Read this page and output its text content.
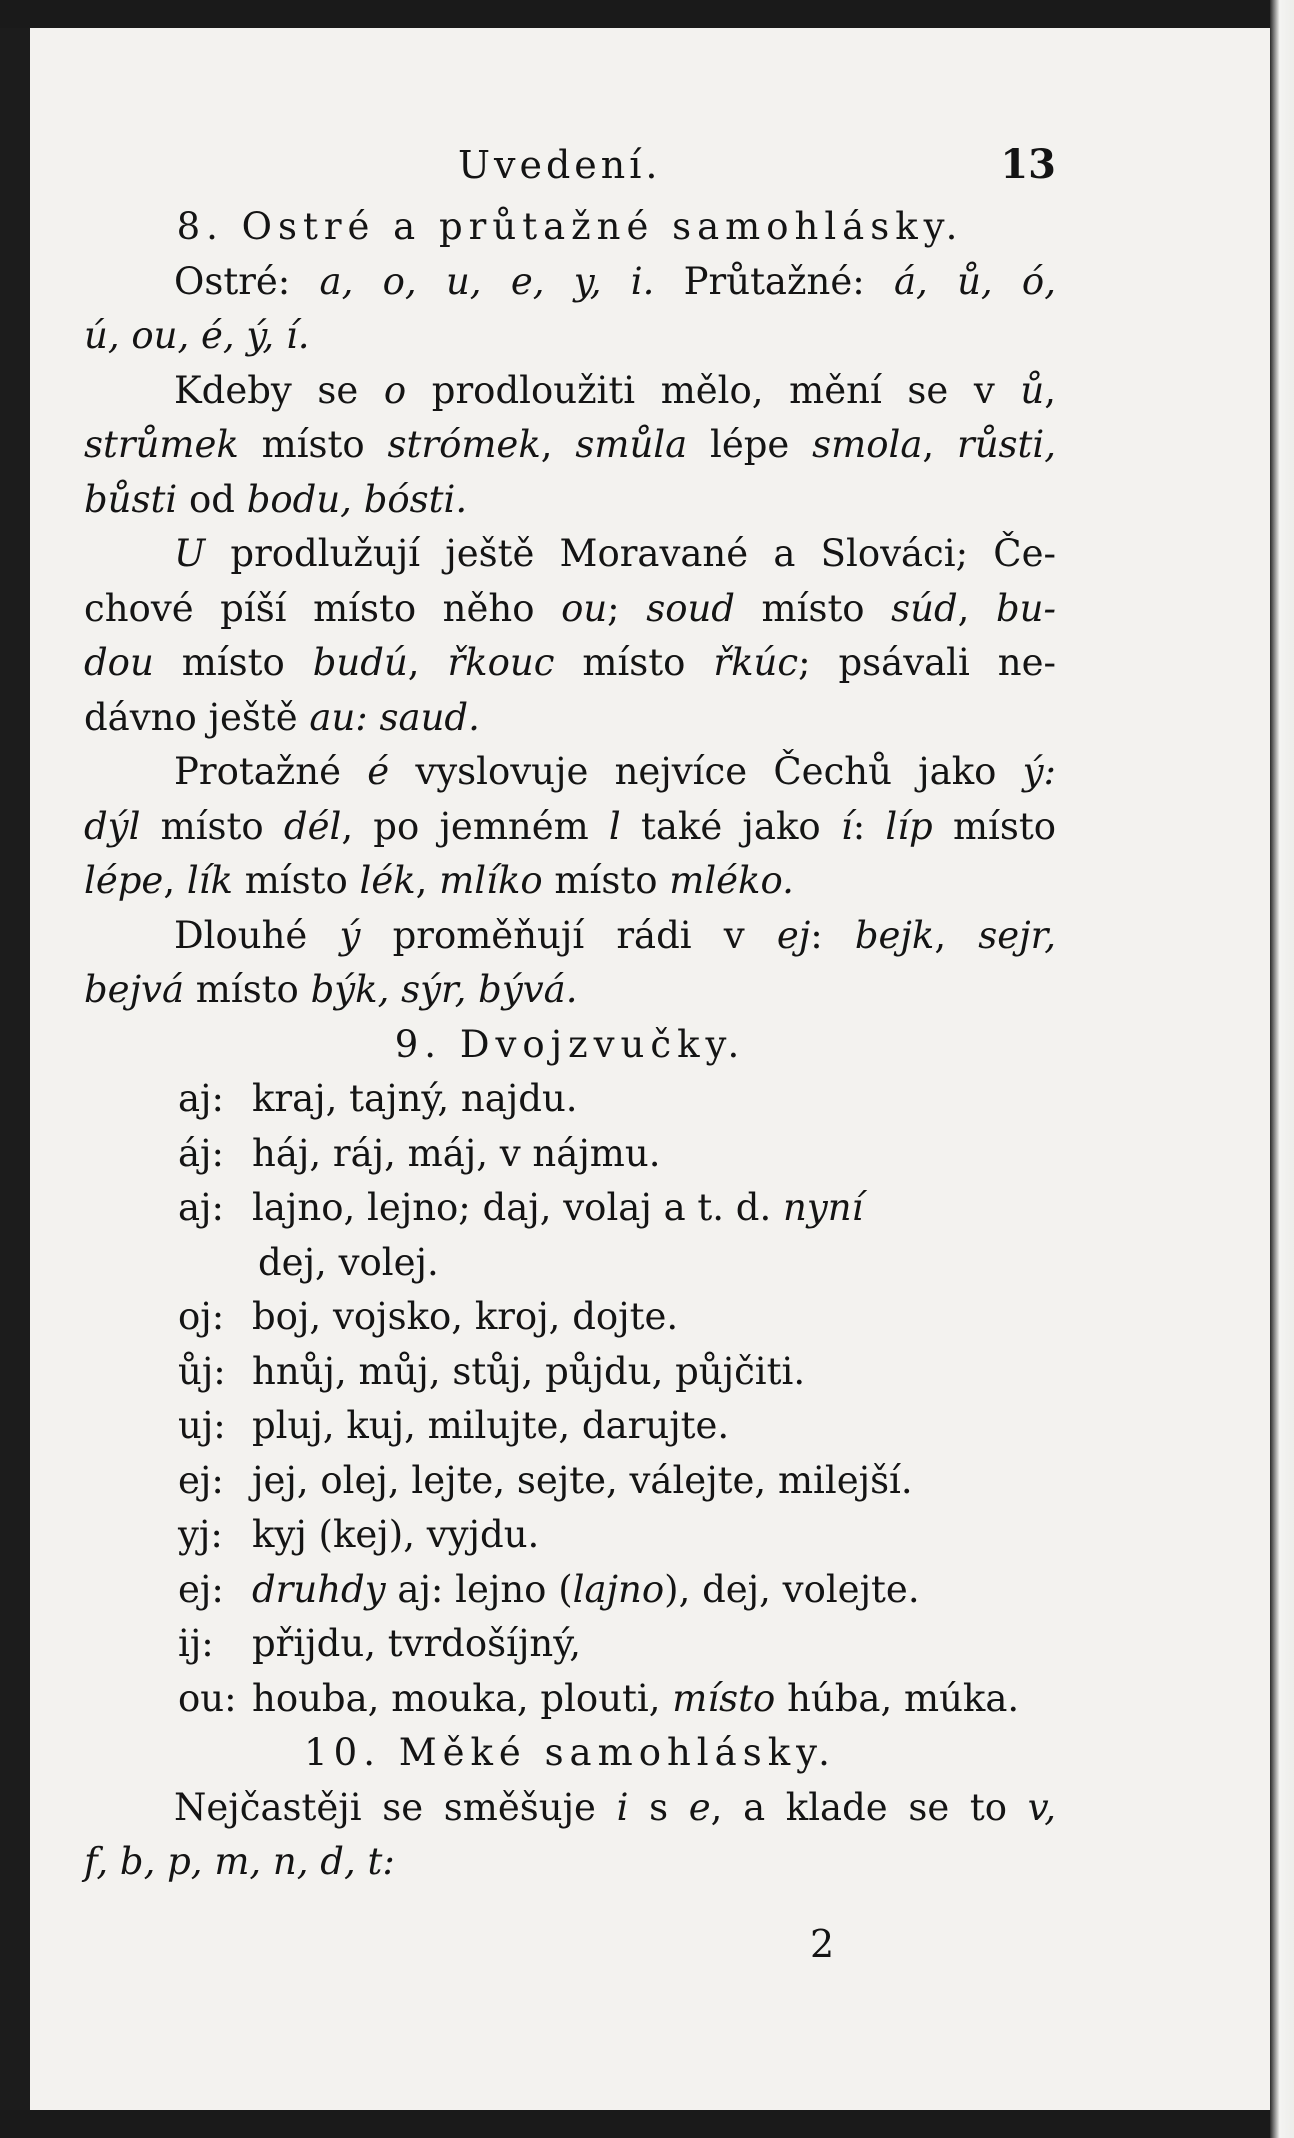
Uvedení.	13
8. Ostré a průtažné samohlásky.
Ostré: a, o, u, e, y, i. Průtažné: á, ů, ó,
ú, ou, é, ý, í.
Kdeby se o prodloužiti mělo, mění se v ů,
strůmek místo strómek, smůla lépe smola, růsti,
bůsti od bodu, bósti.
U prodlužují ještě Moravané a Slováci; Če-
chové píší místo něho ou; soud místo súd, bu-
dou místo budú, řkouc místo řkúc; psávali ne-
dávno ještě au: saud.
Protažné é vyslovuje nejvíce Čechů jako ý:
dýl místo dél, po jemném l také jako í: líp místo
lépe, lík místo lék, mlíko místo mléko.
Dlouhé ý proměňují rádi v ej: bejk, sejr,
bejvá místo býk, sýr, bývá.
9. Dvojzvučky.
aj: kraj, tajný, najdu.
áj: háj, ráj, máj, v nájmu.
aj: lajno, lejno; daj, volaj a t. d. nyní
dej, volej.
oj: boj, vojsko, kroj, dojte.
ůj: hnůj, můj, stůj, půjdu, půjčiti.
uj: pluj, kuj, milujte, darujte.
ej: jej, olej, lejte, sejte, válejte, milejší.
yj: kyj (kej), vyjdu.
ej: druhdy aj: lejno (lajno), dej, volejte.
ij: přijdu, tvrdošíjný,
ou: houba, mouka, plouti, místo húba, múka.
10. Měké samohlásky.
Nejčastěji se směšuje i s e, a klade se to v,
f, b, p, m, n, d, t:
2
